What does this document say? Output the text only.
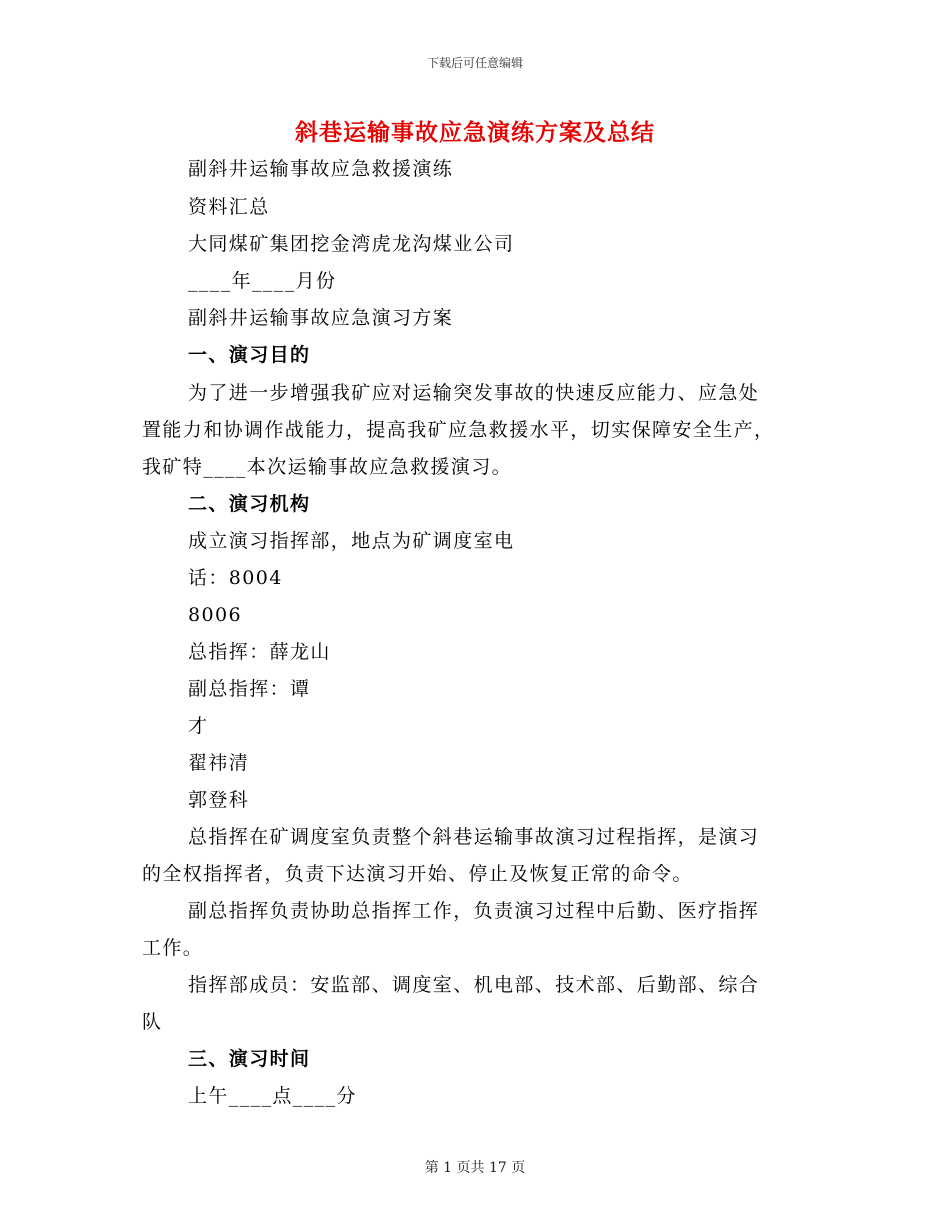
下载后可任意编辑
斜巷运输事故应急演练方案及总结
副斜井运输事故应急救援演练
资料汇总
大同煤矿集团挖金湾虎龙沟煤业公司
____年____月份
副斜井运输事故应急演习方案
一、演习目的
为了进一步增强我矿应对运输突发事故的快速反应能力、应急处
置能力和协调作战能力，提高我矿应急救援水平，切实保障安全生产，
我矿特____本次运输事故应急救援演习。
二、演习机构
成立演习指挥部，地点为矿调度室电
话：8004
8006
总指挥：薛龙山
副总指挥：谭
才
翟祎清
郭登科
总指挥在矿调度室负责整个斜巷运输事故演习过程指挥，是演习
的全权指挥者，负责下达演习开始、停止及恢复正常的命令。
副总指挥负责协助总指挥工作，负责演习过程中后勤、医疗指挥
工作。
指挥部成员：安监部、调度室、机电部、技术部、后勤部、综合
队
三、演习时间
上午____点____分
第 1 页共 17 页
